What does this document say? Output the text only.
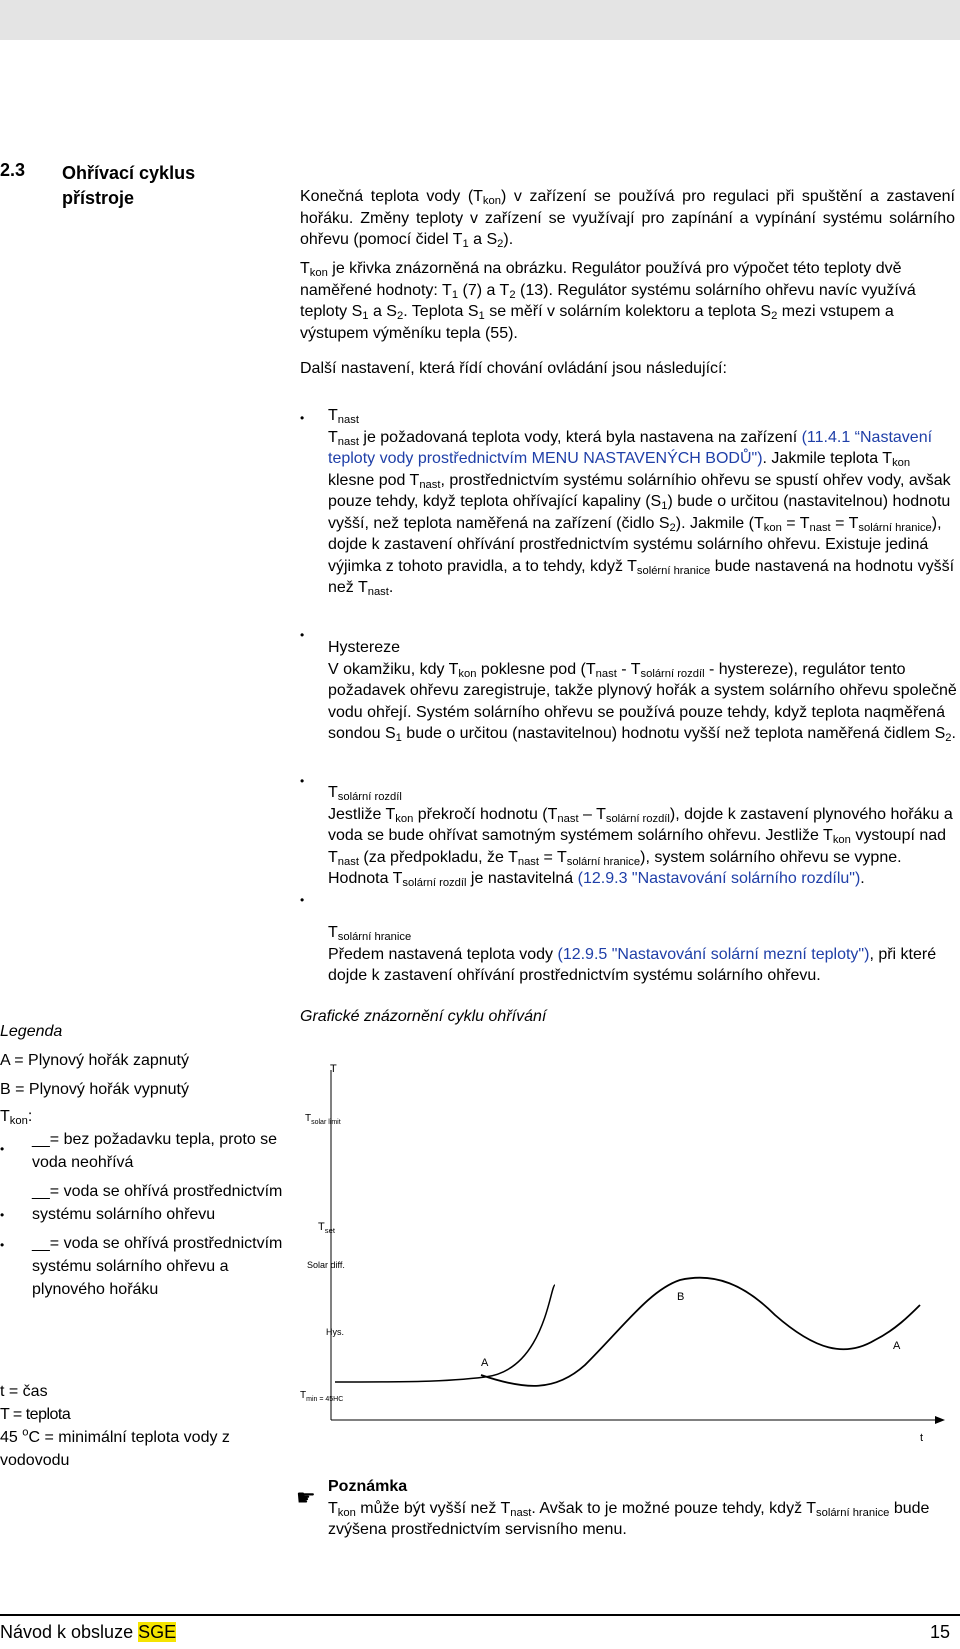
2.3 Ohřívací cyklus
přístroje	Konečná teplota vody $(T_{kon})$ v zařízení se používá pro regulaci při spuštění a zastavení hořáku. Změny teploty v zařízení se využívají pro zapínání a vypínání systému solárního ohřevu (pomocí čidel $T_1$ a $S_2$).
$T_{kon}$ je křivka znázorněná na obrázku. Regulátor používá pro výpočet této teploty dvě naměřené hodnoty: $T_1$ (7) a $T_2$ (13). Regulátor systému solárního ohřevu navíc využívá teploty $S_1$ a $S_2$. Teplota $S_1$ se měří v solárním kolektoru a teplota $S_2$ mezi vstupem a výstupem výměníku tepla (55).
Další nastavení, která řídí chování ovládání jsou následující:
•
•
•
•
$T_{nast}$
$T_{nast}$ je požadovaná teplota vody, která byla nastavena na zařízení (11.4.1 “Nastavení teploty vody prostřednictvím MENU NASTAVENÝCH BODŮ"). Jakmile teplota $T_{kon}$ klesne pod $T_{nast}$, prostřednictvím systému solárníhio ohřevu se spustí ohřev vody, avšak pouze tehdy, když teplota ohřívající kapaliny $(S_1)$ bude o určitou (nastavitelnou) hodnotu vyšší, než teplota naměřená na zařízení (čidlo $S_2$). Jakmile $(T_{kon} = T_{nast} = T_{solární hranice})$, dojde k zastavení ohřívání prostřednictvím systému solárního ohřevu. Existuje jediná výjimka z tohoto pravidla, a to tehdy, když $T_{solérní hranice}$ bude nastavená na hodnotu vyšší než $T_{nast}$.
Hystereze
V okamžiku, kdy $T_{kon}$ poklesne pod ($T_{nast} - T_{solární rozdíl}$ - hystereze), regulátor tento požadavek ohřevu zaregistruje, takže plynový hořák a system solárního ohřevu společně vodu ohřejí. Systém solárního ohřevu se používá pouze tehdy, když teplota naqměřená sondou $S_1$ bude o určitou (nastavitelnou) hodnotu vyšší než teplota naměřená čidlem $S_2$.
$T_{solární rozdíl}$
Jestliže $T_{kon}$ překročí hodnotu $(T_{nast} - T_{solární rozdíl})$, dojde k zastavení plynového hořáku a voda se bude ohřívat samotným systémem solárního ohřevu. Jestliže $T_{kon}$ vystoupí nad $T_{nast}$ (za předpokladu, že $T_{nast} = T_{solární hranice}$), system solárního ohřevu se vypne. Hodnota $T_{solární rozdíl}$ je nastavitelná (12.9.3 "Nastavování solárního rozdílu").
$T_{solární hranice}$
Předem nastavená teplota vody (12.9.5 "Nastavování solární mezní teploty"), při které dojde k zastavení ohřívání prostřednictvím systému solárního ohřevu.
Grafické znázornění cyklu ohřívání
T
$T_{solar limit}$
$T_{set}$
Solar diff.
Hys.
$T_{min = 45HC}$
A
B
A
t
Legenda
A = Plynový hořák zapnutý
B = Plynový hořák vypnutý
$T_{kon}$:
•
__= bez požadavku tepla, proto se voda neohřívá
•
__= voda se ohřívá prostřednictvím systému solárního ohřevu
• __= voda se ohřívá prostřednictvím systému solárního ohřevu a plynového hořáku
t = čas
T = teplota
45 $^o$C = minimální teplota vody z vodovodu
☛ Poznámka
$T_{kon}$ může být vyšší než $T_{nast}$. Avšak to je možné pouze tehdy, když $T_{solární hranice}$ bude zvýšena prostřednictvím servisního menu.
Návod k obsluze SGE	15
